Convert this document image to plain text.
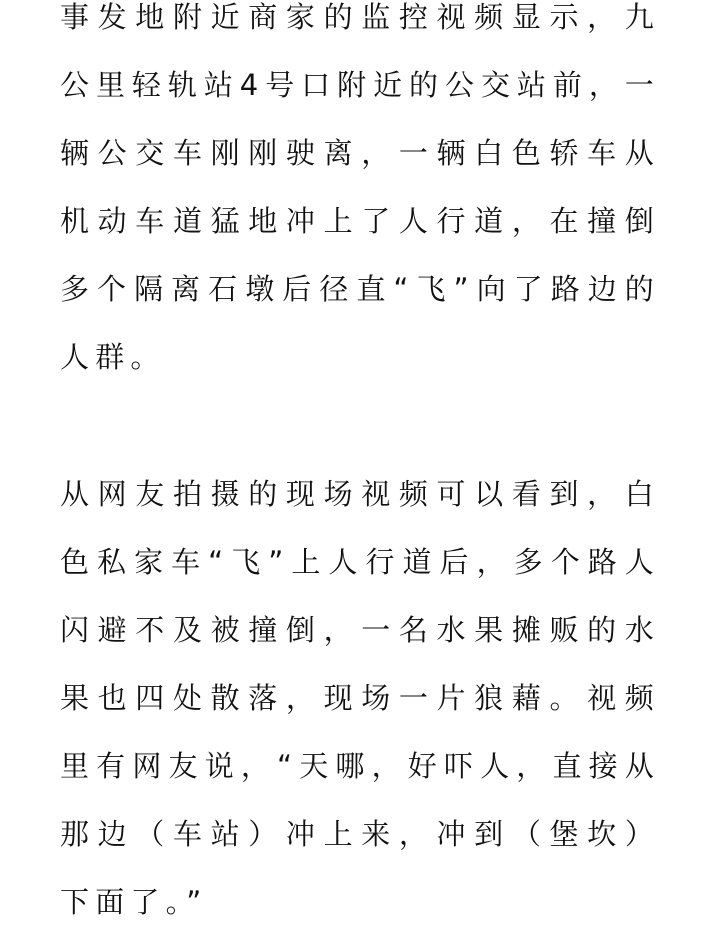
事发地附近商家的监控视频显示，九
公里轻轨站4号口附近的公交站前，一
辆公交车刚刚驶离，一辆白色轿车从
机动车道猛地冲上了人行道，在撞倒
多个隔离石墩后径直“飞”向了路边的
人群。
从网友拍摄的现场视频可以看到，白
色私家车“飞”上人行道后，多个路人
闪避不及被撞倒，一名水果摊贩的水
果也四处散落，现场一片狼藉。视频
里有网友说，“天哪，好吓人，直接从
那边（车站）冲上来，冲到（堡坎）
下面了。”
